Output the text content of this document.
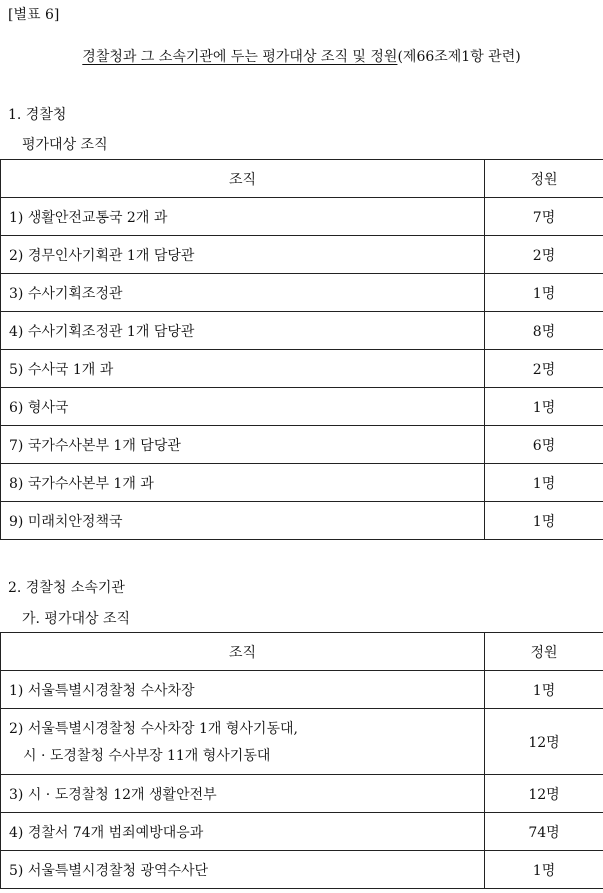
[별표 6]
경찰청과 그 소속기관에 두는 평가대상 조직 및 정원(제66조제1항 관련)
1. 경찰청
평가대상 조직
조직	정원
1) 생활안전교통국 2개 과	7명
2) 경무인사기획관 1개 담당관	2명
3) 수사기획조정관	1명
4) 수사기획조정관 1개 담당관	8명
5) 수사국 1개 과	2명
6) 형사국	1명
7) 국가수사본부 1개 담당관	6명
8) 국가수사본부 1개 과	1명
9) 미래치안정책국	1명
2. 경찰청 소속기관
가. 평가대상 조직
조직	정원
1) 서울특별시경찰청 수사차장	1명

2) 서울특별시경찰청 수사차장 1개 형사기동대,
시 · 도경찰청 수사부장 11개 형사기동대	12명
3) 시 · 도경찰청 12개 생활안전부	12명
4) 경찰서 74개 범죄예방대응과	74명
5) 서울특별시경찰청 광역수사단	1명
